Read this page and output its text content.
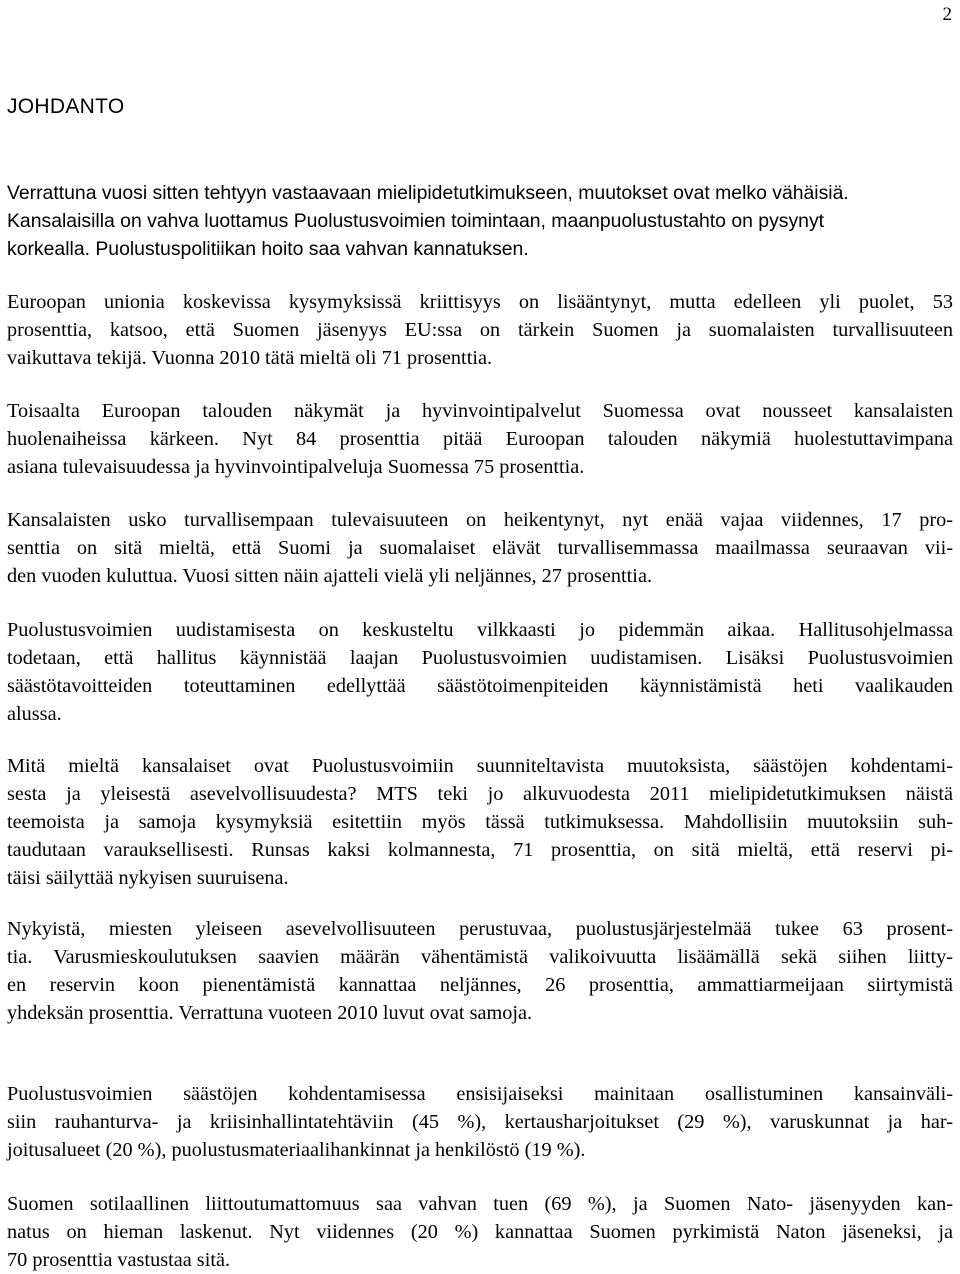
2
JOHDANTO
Verrattuna vuosi sitten tehtyyn vastaavaan mielipidetutkimukseen, muutokset ovat melko vähäisiä.
Kansalaisilla on vahva luottamus Puolustusvoimien toimintaan, maanpuolustustahto on pysynyt
korkealla. Puolustuspolitiikan hoito saa vahvan kannatuksen.
Euroopan unionia koskevissa kysymyksissä kriittisyys on lisääntynyt, mutta edelleen yli puolet, 53
prosenttia, katsoo, että Suomen jäsenyys EU:ssa on tärkein Suomen ja suomalaisten turvallisuuteen
vaikuttava tekijä. Vuonna 2010 tätä mieltä oli 71 prosenttia.
Toisaalta Euroopan talouden näkymät ja hyvinvointipalvelut Suomessa ovat nousseet kansalaisten
huolenaiheissa kärkeen. Nyt 84 prosenttia pitää Euroopan talouden näkymiä huolestuttavimpana
asiana tulevaisuudessa ja hyvinvointipalveluja Suomessa 75 prosenttia.
Kansalaisten usko turvallisempaan tulevaisuuteen on heikentynyt, nyt enää vajaa viidennes, 17 pro-
senttia on sitä mieltä, että Suomi ja suomalaiset elävät turvallisemmassa maailmassa seuraavan vii-
den vuoden kuluttua. Vuosi sitten näin ajatteli vielä yli neljännes, 27 prosenttia.
Puolustusvoimien uudistamisesta on keskusteltu vilkkaasti jo pidemmän aikaa. Hallitusohjelmassa
todetaan, että hallitus käynnistää laajan Puolustusvoimien uudistamisen. Lisäksi Puolustusvoimien
säästötavoitteiden toteuttaminen edellyttää säästötoimenpiteiden käynnistämistä heti vaalikauden
alussa.
Mitä mieltä kansalaiset ovat Puolustusvoimiin suunniteltavista muutoksista, säästöjen kohdentami-
sesta ja yleisestä asevelvollisuudesta? MTS teki jo alkuvuodesta 2011 mielipidetutkimuksen näistä
teemoista ja samoja kysymyksiä esitettiin myös tässä tutkimuksessa. Mahdollisiin muutoksiin suh-
taudutaan varauksellisesti. Runsas kaksi kolmannesta, 71 prosenttia, on sitä mieltä, että reservi pi-
täisi säilyttää nykyisen suuruisena.
Nykyistä, miesten yleiseen asevelvollisuuteen perustuvaa, puolustusjärjestelmää tukee 63 prosent-
tia. Varusmieskoulutuksen saavien määrän vähentämistä valikoivuutta lisäämällä sekä siihen liitty-
en reservin koon pienentämistä kannattaa neljännes, 26 prosenttia, ammattiarmeijaan siirtymistä
yhdeksän prosenttia. Verrattuna vuoteen 2010 luvut ovat samoja.
Puolustusvoimien säästöjen kohdentamisessa ensisijaiseksi mainitaan osallistuminen kansainväli-
siin rauhanturva- ja kriisinhallintatehtäviin (45 %), kertausharjoitukset (29 %), varuskunnat ja har-
joitusalueet (20 %), puolustusmateriaalihankinnat ja henkilöstö (19 %).
Suomen sotilaallinen liittoutumattomuus saa vahvan tuen (69 %), ja Suomen Nato- jäsenyyden kan-
natus on hieman laskenut. Nyt viidennes (20 %) kannattaa Suomen pyrkimistä Naton jäseneksi, ja
70 prosenttia vastustaa sitä.
